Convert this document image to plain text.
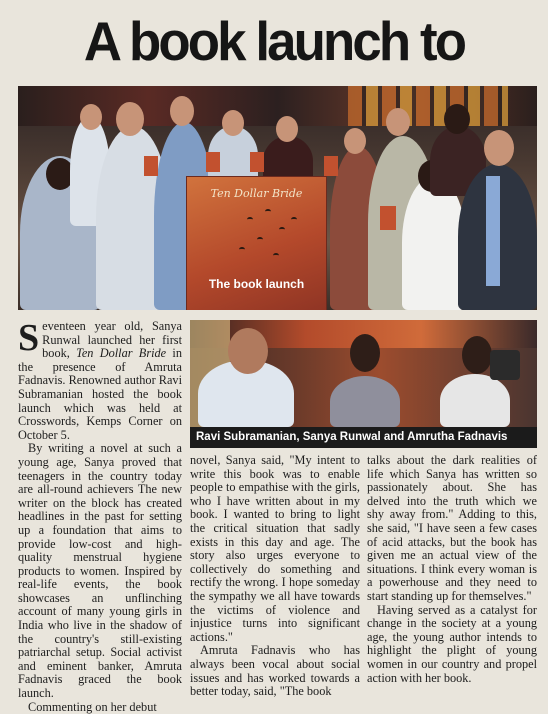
A book launch to
Ten Dollar Bride
The book launch

Seventeen year old, Sanya Runwal launched her first book, Ten Dollar Bride in the presence of Amruta Fadnavis. Renowned author Ravi Subramanian hosted the book launch which was held at Crosswords, Kemps Corner on October 5.

By writing a novel at such a young age, Sanya proved that teenagers in the country today are all-round achievers The new writer on the block has created headlines in the past for setting up a foundation that aims to provide low-cost and high-quality menstrual hygiene products to women. Inspired by real-life events, the book showcases an unflinching account of many young girls in India who live in the shadow of the country's still-existing patriarchal setup. Social activist and eminent banker, Amruta Fadnavis graced the book launch.

Commenting on her debut

Ravi Subramanian, Sanya Runwal and Amrutha Fadnavis

novel, Sanya said, "My intent to write this book was to enable people to empathise with the girls, who I have written about in my book. I wanted to bring to light the critical situation that sadly exists in this day and age. The story also urges everyone to collectively do something and rectify the wrong. I hope someday the sympathy we all have towards the victims of violence and injustice turns into significant actions."

Amruta Fadnavis who has always been vocal about social issues and has worked towards a better today, said, "The book

talks about the dark realities of life which Sanya has written so passionately about. She has delved into the truth which we shy away from." Adding to this, she said, "I have seen a few cases of acid attacks, but the book has given me an actual view of the situations. I think every woman is a powerhouse and they need to start standing up for themselves."

Having served as a catalyst for change in the society at a young age, the young author intends to highlight the plight of young women in our country and propel action with her book.
